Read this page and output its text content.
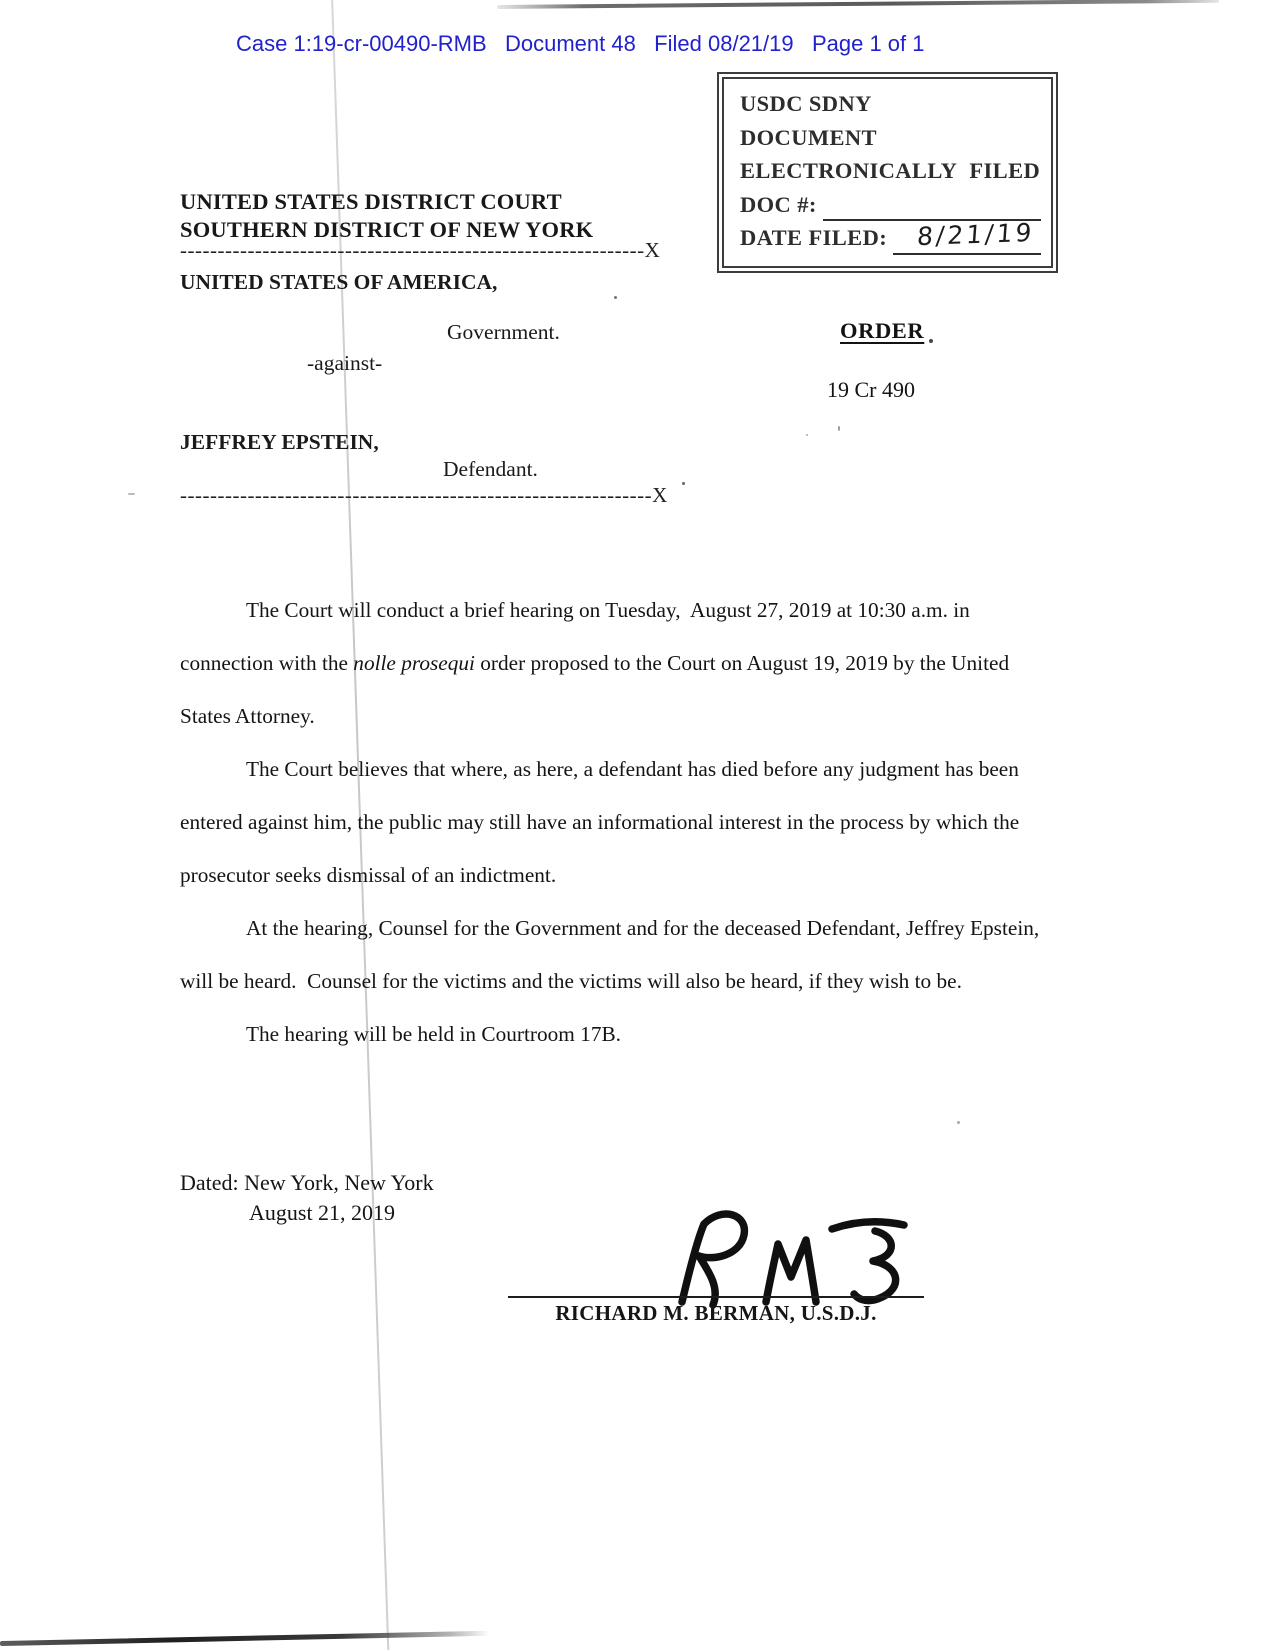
Case 1:19-cr-00490-RMB   Document 48   Filed 08/21/19   Page 1 of 1
USDC SDNY
DOCUMENT
ELECTRONICALLY  FILED
DOC #:
DATE FILED: 8/21/19
UNITED STATES DISTRICT COURT
SOUTHERN DISTRICT OF NEW YORK
--------------------------------------------------------------X
UNITED STATES OF AMERICA,
Government.
-against-
ORDER
19 Cr 490
JEFFREY EPSTEIN,
Defendant.
---------------------------------------------------------------X

The Court will conduct a brief hearing on Tuesday,  August 27, 2019 at 10:30 a.m. in connection with the nolle prosequi order proposed to the Court on August 19, 2019 by the United States Attorney.

The Court believes that where, as here, a defendant has died before any judgment has been entered against him, the public may still have an informational interest in the process by which the prosecutor seeks dismissal of an indictment.

At the hearing, Counsel for the Government and for the deceased Defendant, Jeffrey Epstein, will be heard.  Counsel for the victims and the victims will also be heard, if they wish to be.

The hearing will be held in Courtroom 17B.

Dated: New York, New York
August 21, 2019
RICHARD M. BERMAN, U.S.D.J.
